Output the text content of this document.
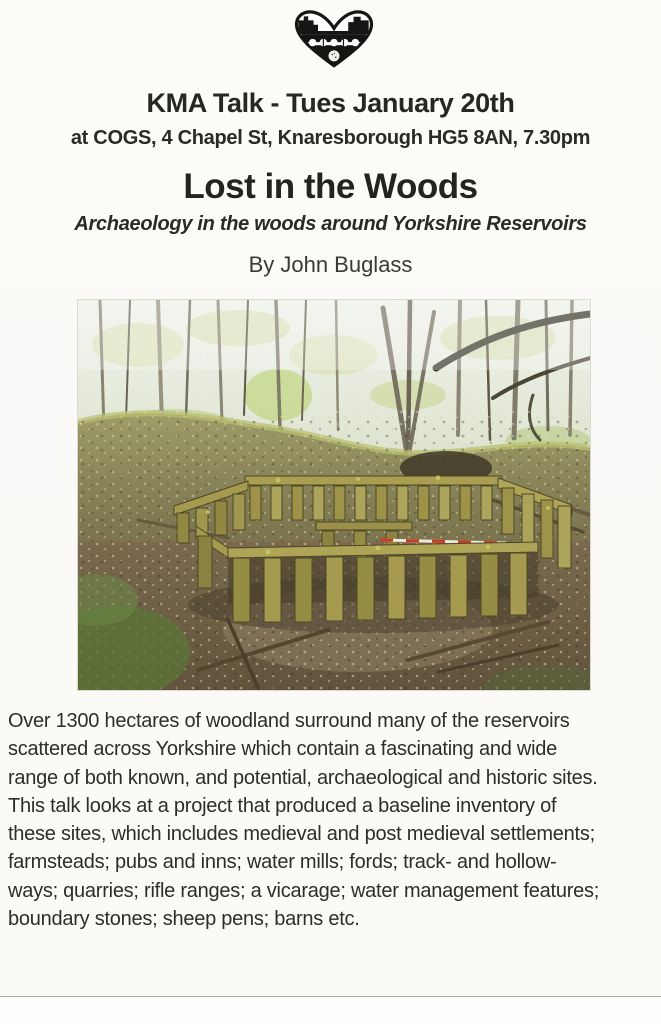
KMA Talk - Tues January 20th
at COGS, 4 Chapel St, Knaresborough HG5 8AN, 7.30pm
Lost in the Woods
Archaeology in the woods around Yorkshire Reservoirs
By John Buglass
Over 1300 hectares of woodland surround many of the reservoirs
scattered across Yorkshire which contain a fascinating and wide
range of both known, and potential, archaeological and historic sites.
This talk looks at a project that produced a baseline inventory of
these sites, which includes medieval and post medieval settlements;
farmsteads; pubs and inns; water mills; fords; track- and hollow-
ways; quarries; rifle ranges; a vicarage; water management features;
boundary stones; sheep pens; barns etc.
